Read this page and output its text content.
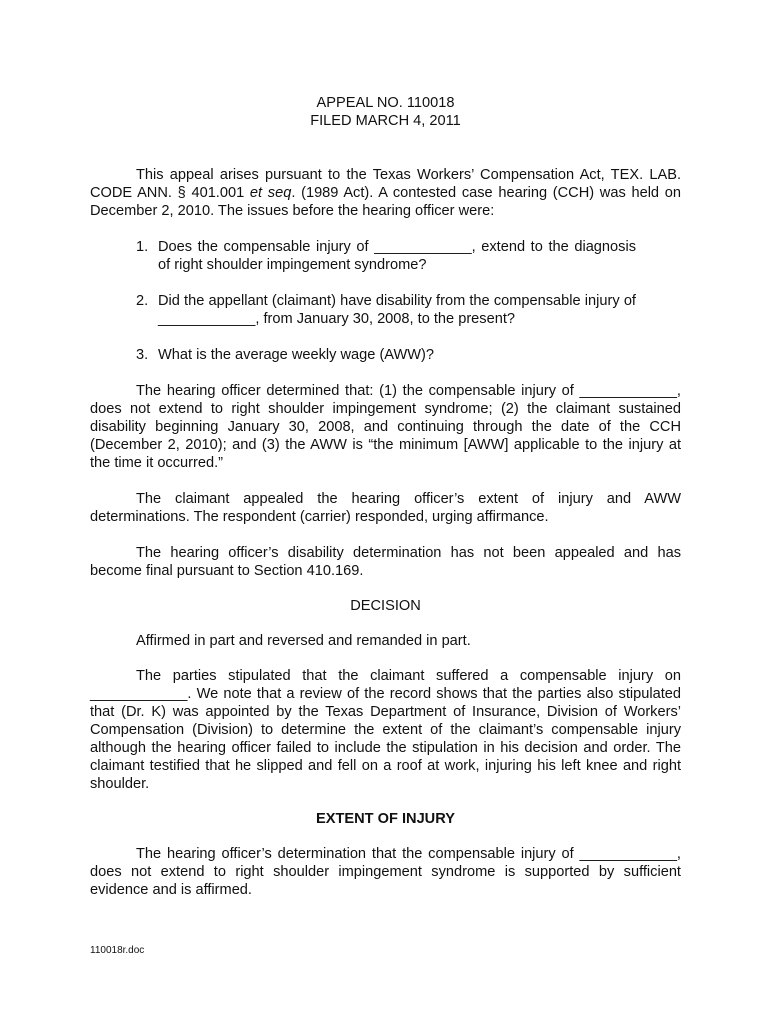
APPEAL NO. 110018

FILED MARCH 4, 2011

This appeal arises pursuant to the Texas Workers’ Compensation Act, TEX. LAB. CODE ANN. § 401.001 et seq. (1989 Act). A contested case hearing (CCH) was held on December 2, 2010. The issues before the hearing officer were:

1. Does the compensable injury of ____________, extend to the diagnosis of right shoulder impingement syndrome?
2. Did the appellant (claimant) have disability from the compensable injury of ____________, from January 30, 2008, to the present?
3. What is the average weekly wage (AWW)?

The hearing officer determined that: (1) the compensable injury of ____________, does not extend to right shoulder impingement syndrome; (2) the claimant sustained disability beginning January 30, 2008, and continuing through the date of the CCH (December 2, 2010); and (3) the AWW is “the minimum [AWW] applicable to the injury at the time it occurred.”

The claimant appealed the hearing officer’s extent of injury and AWW determinations. The respondent (carrier) responded, urging affirmance.

The hearing officer’s disability determination has not been appealed and has become final pursuant to Section 410.169.

DECISION

Affirmed in part and reversed and remanded in part.

The parties stipulated that the claimant suffered a compensable injury on ____________. We note that a review of the record shows that the parties also stipulated that (Dr. K) was appointed by the Texas Department of Insurance, Division of Workers’ Compensation (Division) to determine the extent of the claimant’s compensable injury although the hearing officer failed to include the stipulation in his decision and order. The claimant testified that he slipped and fell on a roof at work, injuring his left knee and right shoulder.

EXTENT OF INJURY

The hearing officer’s determination that the compensable injury of ____________, does not extend to right shoulder impingement syndrome is supported by sufficient evidence and is affirmed.

110018r.doc
